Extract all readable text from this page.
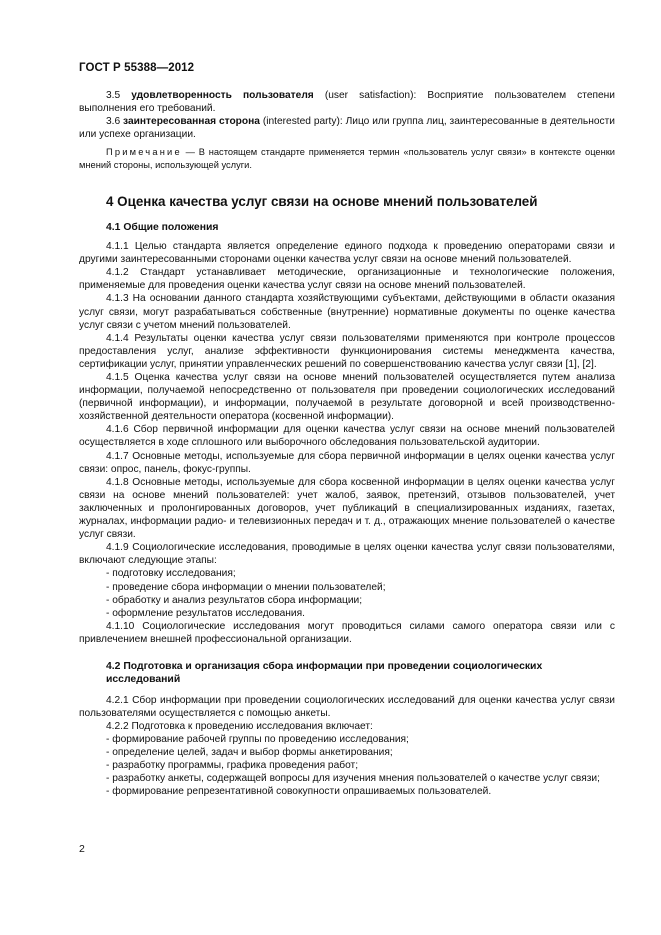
ГОСТ Р 55388—2012

3.5 удовлетворенность пользователя (user satisfaction): Восприятие пользователем степени выполнения его требований.

3.6 заинтересованная сторона (interested party): Лицо или группа лиц, заинтересованные в деятельности или успехе организации.

Примечание — В настоящем стандарте применяется термин «пользователь услуг связи» в контексте оценки мнений стороны, использующей услуги.

4 Оценка качества услуг связи на основе мнений пользователей
4.1 Общие положения

4.1.1 Целью стандарта является определение единого подхода к проведению операторами связи и другими заинтересованными сторонами оценки качества услуг связи на основе мнений пользователей.

4.1.2 Стандарт устанавливает методические, организационные и технологические положения, применяемые для проведения оценки качества услуг связи на основе мнений пользователей.

4.1.3 На основании данного стандарта хозяйствующими субъектами, действующими в области оказания услуг связи, могут разрабатываться собственные (внутренние) нормативные документы по оценке качества услуг связи с учетом мнений пользователей.

4.1.4 Результаты оценки качества услуг связи пользователями применяются при контроле процессов предоставления услуг, анализе эффективности функционирования системы менеджмента качества, сертификации услуг, принятии управленческих решений по совершенствованию качества услуг связи [1], [2].

4.1.5 Оценка качества услуг связи на основе мнений пользователей осуществляется путем анализа информации, получаемой непосредственно от пользователя при проведении социологических исследований (первичной информации), и информации, получаемой в результате договорной и всей производственно-хозяйственной деятельности оператора (косвенной информации).

4.1.6 Сбор первичной информации для оценки качества услуг связи на основе мнений пользователей осуществляется в ходе сплошного или выборочного обследования пользовательской аудитории.

4.1.7 Основные методы, используемые для сбора первичной информации в целях оценки качества услуг связи: опрос, панель, фокус-группы.

4.1.8 Основные методы, используемые для сбора косвенной информации в целях оценки качества услуг связи на основе мнений пользователей: учет жалоб, заявок, претензий, отзывов пользователей, учет заключенных и пролонгированных договоров, учет публикаций в специализированных изданиях, газетах, журналах, информации радио- и телевизионных передач и т. д., отражающих мнение пользователей о качестве услуг связи.

4.1.9 Социологические исследования, проводимые в целях оценки качества услуг связи пользователями, включают следующие этапы:

- подготовку исследования;

- проведение сбора информации о мнении пользователей;

- обработку и анализ результатов сбора информации;

- оформление результатов исследования.

4.1.10 Социологические исследования могут проводиться силами самого оператора связи или с привлечением внешней профессиональной организации.

4.2 Подготовка и организация сбора информации при проведении социологических исследований

4.2.1 Сбор информации при проведении социологических исследований для оценки качества услуг связи пользователями осуществляется с помощью анкеты.

4.2.2 Подготовка к проведению исследования включает:

- формирование рабочей группы по проведению исследования;

- определение целей, задач и выбор формы анкетирования;

- разработку программы, графика проведения работ;

- разработку анкеты, содержащей вопросы для изучения мнения пользователей о качестве услуг связи;

- формирование репрезентативной совокупности опрашиваемых пользователей.

2
